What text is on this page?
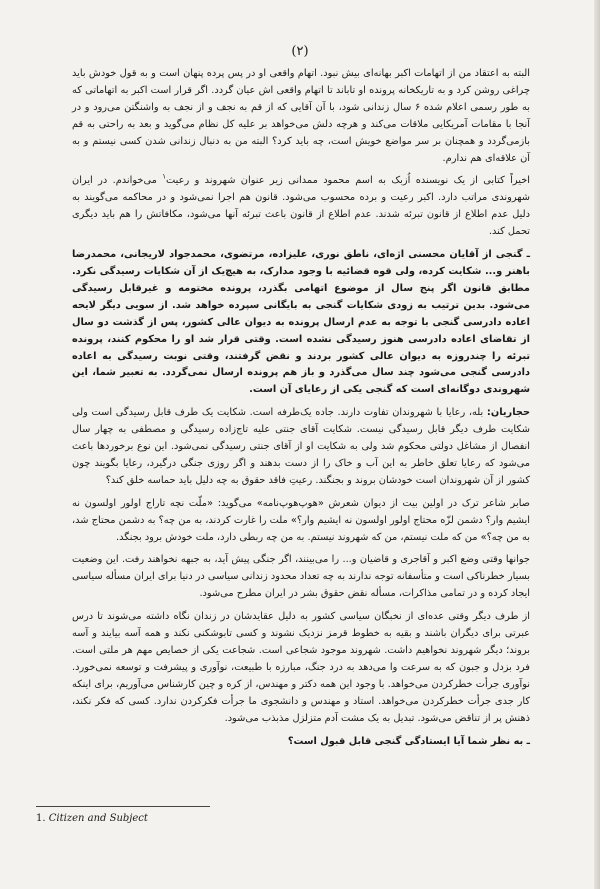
(۲)

البته به اعتقاد من از اتهامات اکبر بهانه‌ای بیش نبود. اتهام واقعی او در پس پرده پنهان است و به قول خودش باید چراغی روشن کرد و به تاریکخانه پرونده او تاباند تا اتهام واقعی اش عیان گردد. اگر قرار است اکبر به اتهاماتی که به طور رسمی اعلام شده ۶ سال زندانی شود، با آن آقایی که از قم به نجف و از نجف به واشنگتن می‌رود و در آنجا با مقامات آمریکایی ملاقات می‌کند و هرچه دلش می‌خواهد بر علیه کل نظام می‌گوید و بعد به راحتی به قم بازمی‌گردد و همچنان بر سر مواضع خویش است، چه باید کرد؟ البته من به دنبال زندانی شدن کسی نیستم و به آن علاقه‌ای هم ندارم.

اخیراً کتابی از یک نویسنده اُزبک به اسم محمود ممدانی زیر عنوان شهروند و رعیت$^۱$ می‌خواندم. در ایران شهروندی مراتب دارد. اکبر رعیت و برده محسوب می‌شود. قانون هم اجرا نمی‌شود و در محاکمه می‌گویند به دلیل عدم اطلاع از قانون تبرئه شدند. عدم اطلاع از قانون باعث تبرئه آنها می‌شود، مکافاتش را هم باید دیگری تحمل کند.

ـ گنجی از آقایان محسنی اژه‌ای، ناطق نوری، علیزاده، مرتضوی، محمدجواد لاریجانی، محمدرضا باهنر و... شکایت کرده، ولی قوه قضائیه با وجود مدارک، به هیچ‌یک از آن شکایات رسیدگی نکرد. مطابق قانون اگر پنج سال از موضوع اتهامی بگذرد، پرونده مختومه و غیرقابل رسیدگی می‌شود. بدین ترتیب به زودی شکایات گنجی به بایگانی سپرده خواهد شد. از سویی دیگر لایحه اعاده دادرسی گنجی با توجه به عدم ارسال پرونده به دیوان عالی کشور، پس از گذشت دو سال از تقاضای اعاده دادرسی هنوز رسیدگی نشده است. وقتی قرار شد او را محکوم کنند، پرونده تبرئه را چندروزه به دیوان عالی کشور بردند و نقض گرفتند، وقتی نوبت رسیدگی به اعاده دادرسی گنجی می‌شود چند سال می‌گذرد و باز هم پرونده ارسال نمی‌گردد. به تعبیر شما، این شهروندی دوگانه‌ای است که گنجی یکی از رعایای آن است.

حجاریان: بله، رعایا با شهروندان تفاوت دارند. جاده یک‌طرفه است. شکایت یک طرف قابل رسیدگی است ولی شکایت طرف دیگر قابل رسیدگی نیست. شکایت آقای جنتی علیه تاج‌زاده رسیدگی و مصطفی به چهار سال انفصال از مشاغل دولتی محکوم شد ولی به شکایت او از آقای جنتی رسیدگی نمی‌شود. این نوع برخوردها باعث می‌شود که رعایا تعلق خاطر به این آب و خاک را از دست بدهند و اگر روزی جنگی درگیرد، رعایا بگویند چون کشور از آن شهروندان است خودشان بروند و بجنگند. رعیتِ فاقد حقوق به چه دلیل باید حماسه خلق کند؟

صابر شاعر ترک در اولین بیت از دیوان شعرش «هوپ‌هوپ‌نامه» می‌گوید: «ملّت نچه تاراج اولور اولسون نه ایشیم وار؟ دشمن لزّه محتاج اولور اولسون نه ایشیم وار؟» ملت را غارت کردند، به من چه؟ به دشمن محتاج شد، به من چه؟» من که ملت نیستم، من که شهروند نیستم. به من چه ربطی دارد، ملت خودش برود بجنگد.

جوانها وقتی وضع اکبر و آقاجری و قاضیان و... را می‌بینند، اگر جنگی پیش آید، به جبهه نخواهند رفت. این وضعیت بسیار خطرناکی است و متأسفانه توجه ندارند به چه تعداد محدود زندانی سیاسی در دنیا برای ایران مسأله سیاسی ایجاد کرده و در تمامی مذاکرات، مسأله نقض حقوق بشر در ایران مطرح می‌شود.

از طرف دیگر وقتی عده‌ای از نخبگان سیاسی کشور به دلیل عقایدشان در زندان نگاه داشته می‌شوند تا درس عبرتی برای دیگران باشند و بقیه به خطوط قرمز نزدیک نشوند و کسی تابوشکنی نکند و همه آسه بیایند و آسه بروند؛ دیگر شهروند نخواهیم داشت. شهروند موجود شجاعی است. شجاعت یکی از خصایص مهم هر ملتی است. فرد بزدل و جبون که به سرعت وا می‌دهد به درد جنگ، مبارزه با طبیعت، نوآوری و پیشرفت و توسعه نمی‌خورد. نوآوری جرأت خطرکردن می‌خواهد. با وجود این همه دکتر و مهندس، از کره و چین کارشناس می‌آوریم، برای اینکه کار جدی جرأت خطرکردن می‌خواهد. استاد و مهندس و دانشجوی ما جرأت فکرکردن ندارد. کسی که فکر نکند، ذهنش پر از تناقض می‌شود. تبدیل به یک مشت آدم متزلزل مذبذب می‌شود.

ـ به نظر شما آیا ایستادگی گنجی قابل قبول است؟

1. Citizen and Subject
